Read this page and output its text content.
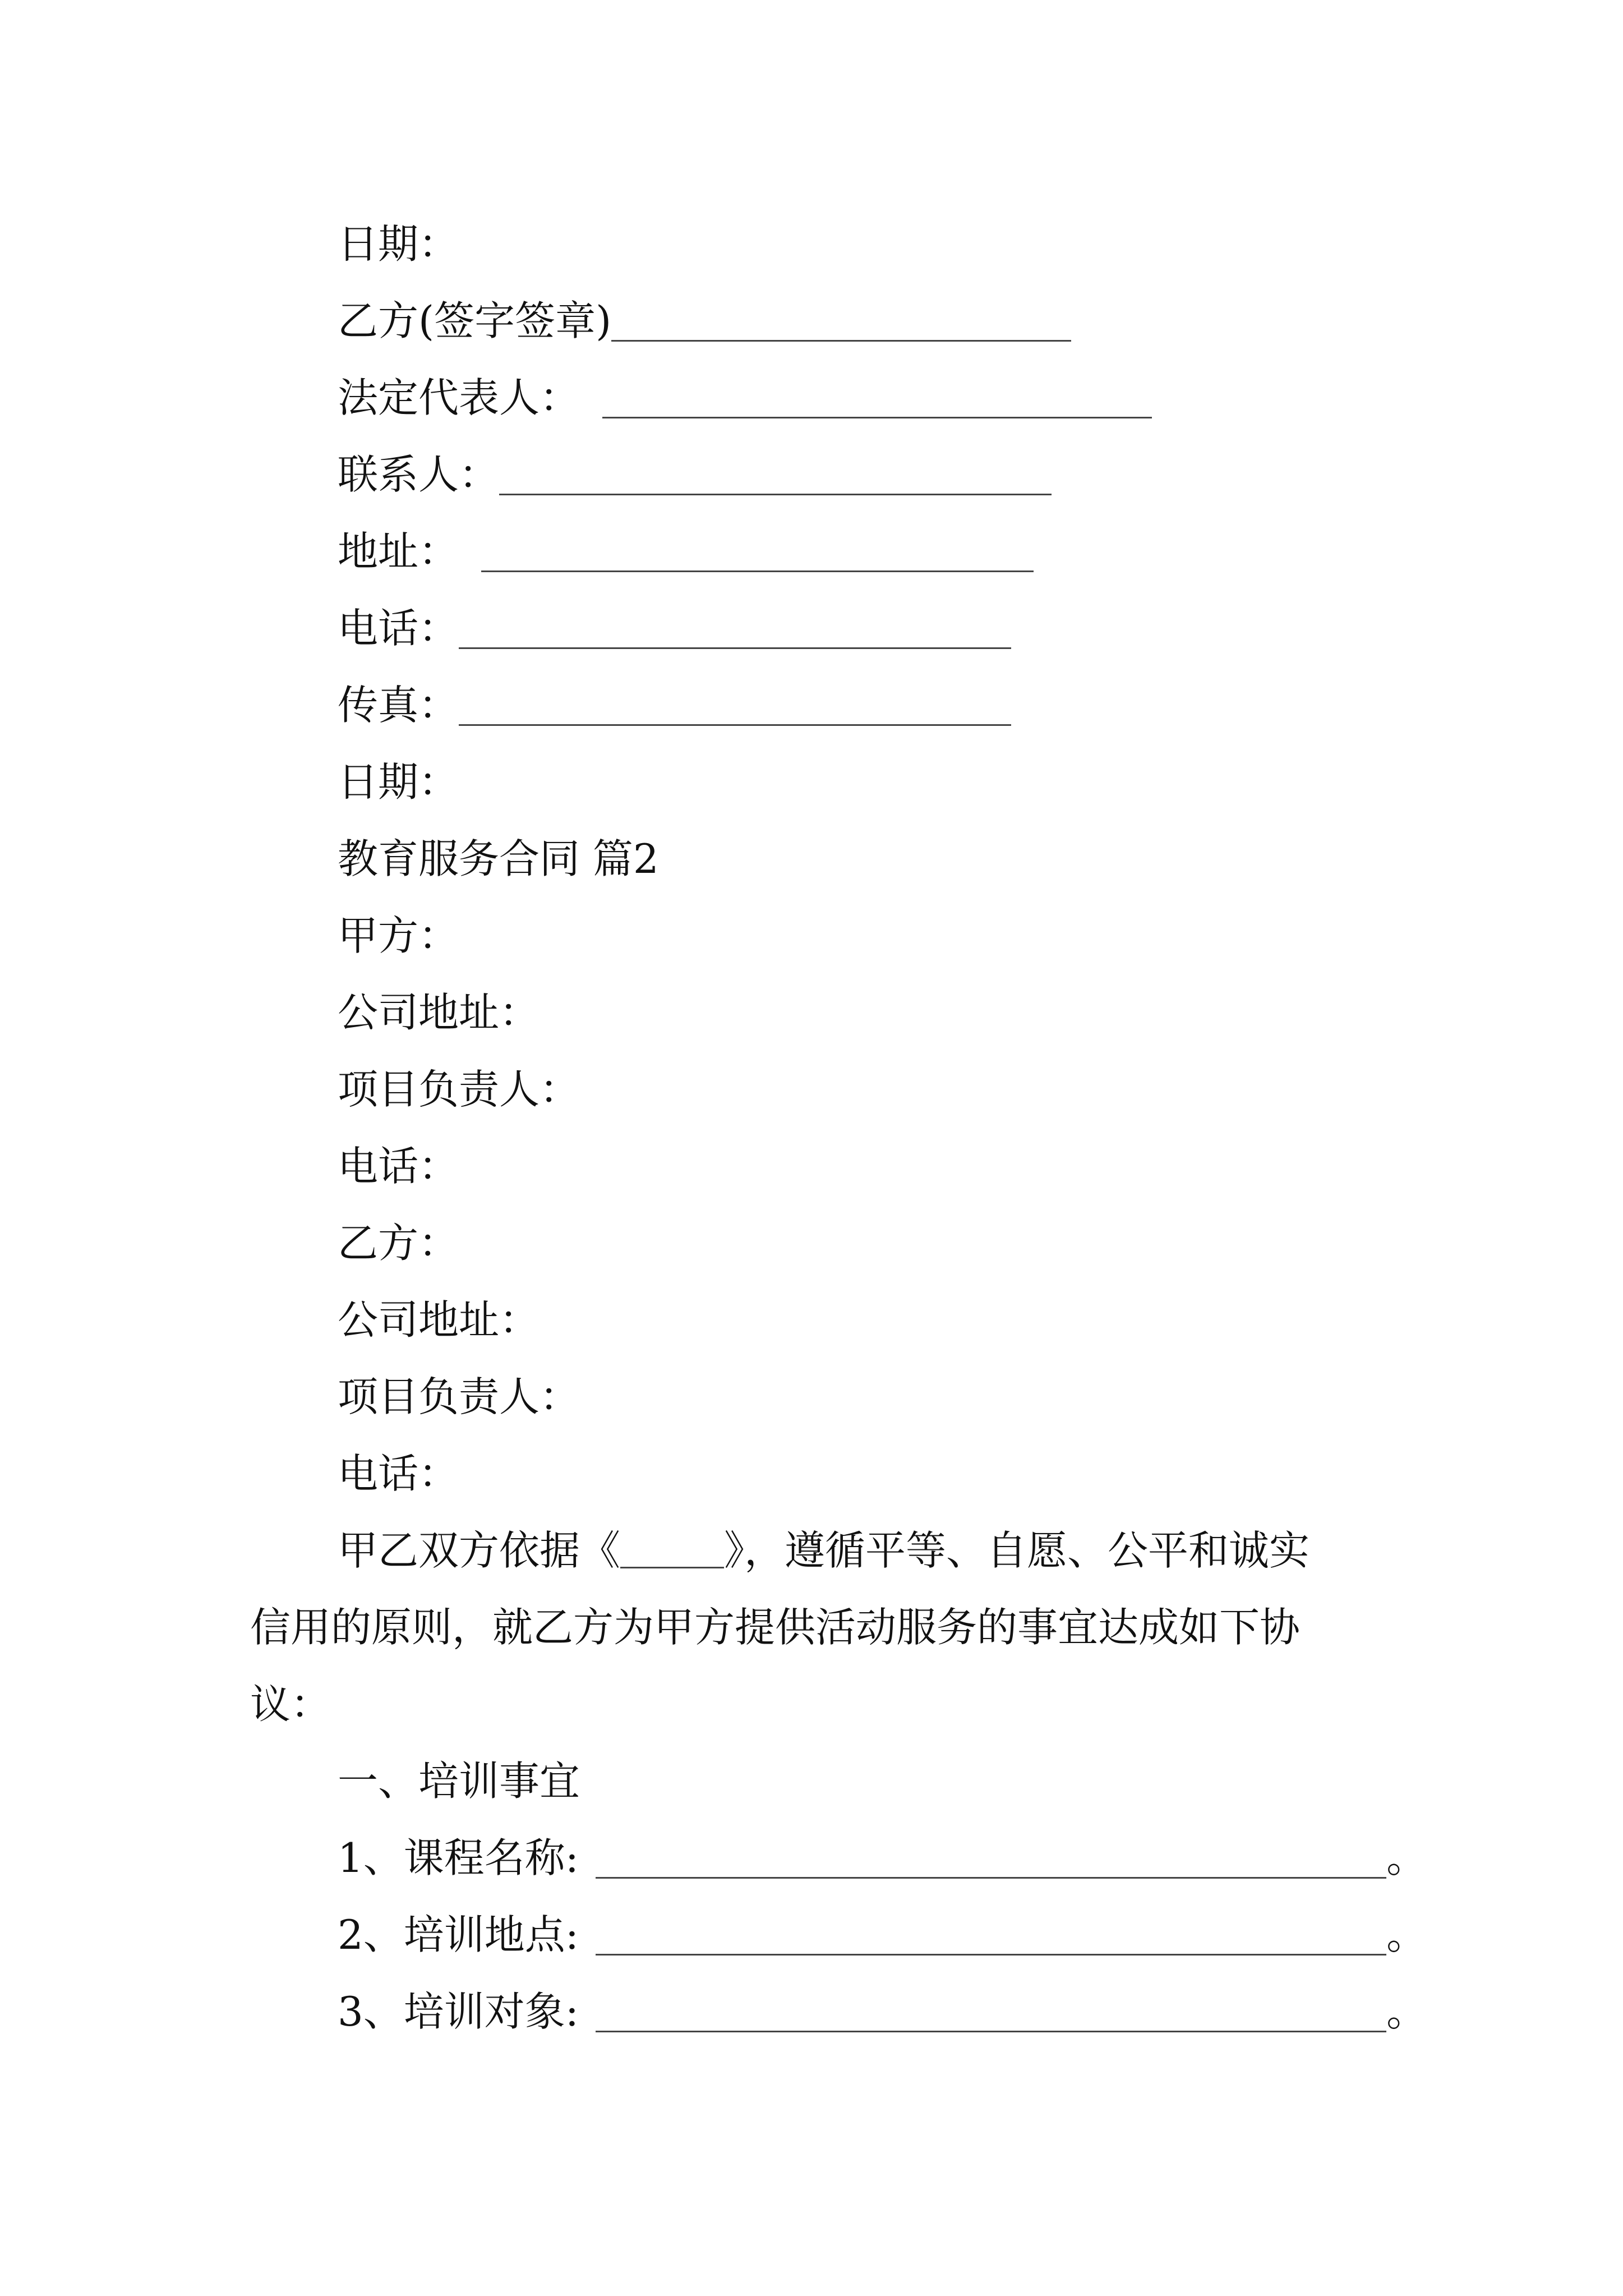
日期：
乙方(签字签章)
法定代表人：
联系人：
地址：
电话：
传真：
日期：
教育服务合同 篇2
甲方：
公司地址：
项目负责人：
电话：
乙方：
公司地址：
项目负责人：
电话：
甲乙双方依据《	》，遵循平等、自愿、公平和诚实
信用的原则，就乙方为甲方提供活动服务的事宜达成如下协
议：
一、培训事宜
1、课程名称:	。
2、培训地点:	。
3、培训对象:	。
